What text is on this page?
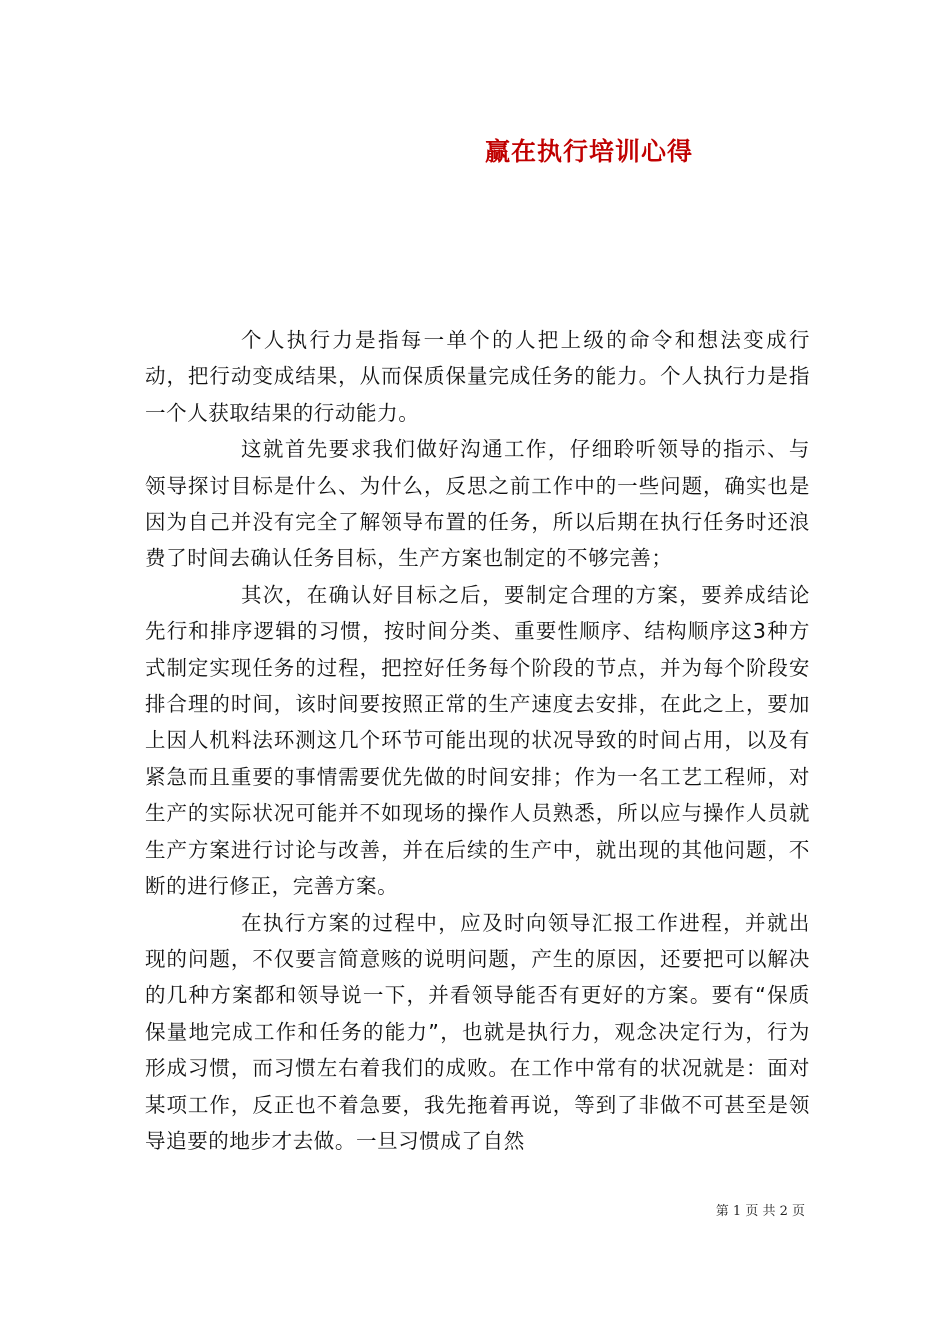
赢在执行培训心得

个人执行力是指每一单个的人把上级的命令和想法变成行动，把行动变成结果，从而保质保量完成任务的能力。个人执行力是指一个人获取结果的行动能力。

这就首先要求我们做好沟通工作，仔细聆听领导的指示、与领导探讨目标是什么、为什么，反思之前工作中的一些问题，确实也是因为自己并没有完全了解领导布置的任务，所以后期在执行任务时还浪费了时间去确认任务目标，生产方案也制定的不够完善；

其次，在确认好目标之后，要制定合理的方案，要养成结论先行和排序逻辑的习惯，按时间分类、重要性顺序、结构顺序这3种方式制定实现任务的过程，把控好任务每个阶段的节点，并为每个阶段安排合理的时间，该时间要按照正常的生产速度去安排，在此之上，要加上因人机料法环测这几个环节可能出现的状况导致的时间占用，以及有紧急而且重要的事情需要优先做的时间安排；作为一名工艺工程师，对生产的实际状况可能并不如现场的操作人员熟悉，所以应与操作人员就生产方案进行讨论与改善，并在后续的生产中，就出现的其他问题，不断的进行修正，完善方案。

在执行方案的过程中，应及时向领导汇报工作进程，并就出现的问题，不仅要言简意赅的说明问题，产生的原因，还要把可以解决的几种方案都和领导说一下，并看领导能否有更好的方案。要有“保质保量地完成工作和任务的能力”，也就是执行力，观念决定行为，行为形成习惯，而习惯左右着我们的成败。在工作中常有的状况就是：面对某项工作，反正也不着急要，我先拖着再说，等到了非做不可甚至是领导追要的地步才去做。一旦习惯成了自然

第 1 页 共 2 页
